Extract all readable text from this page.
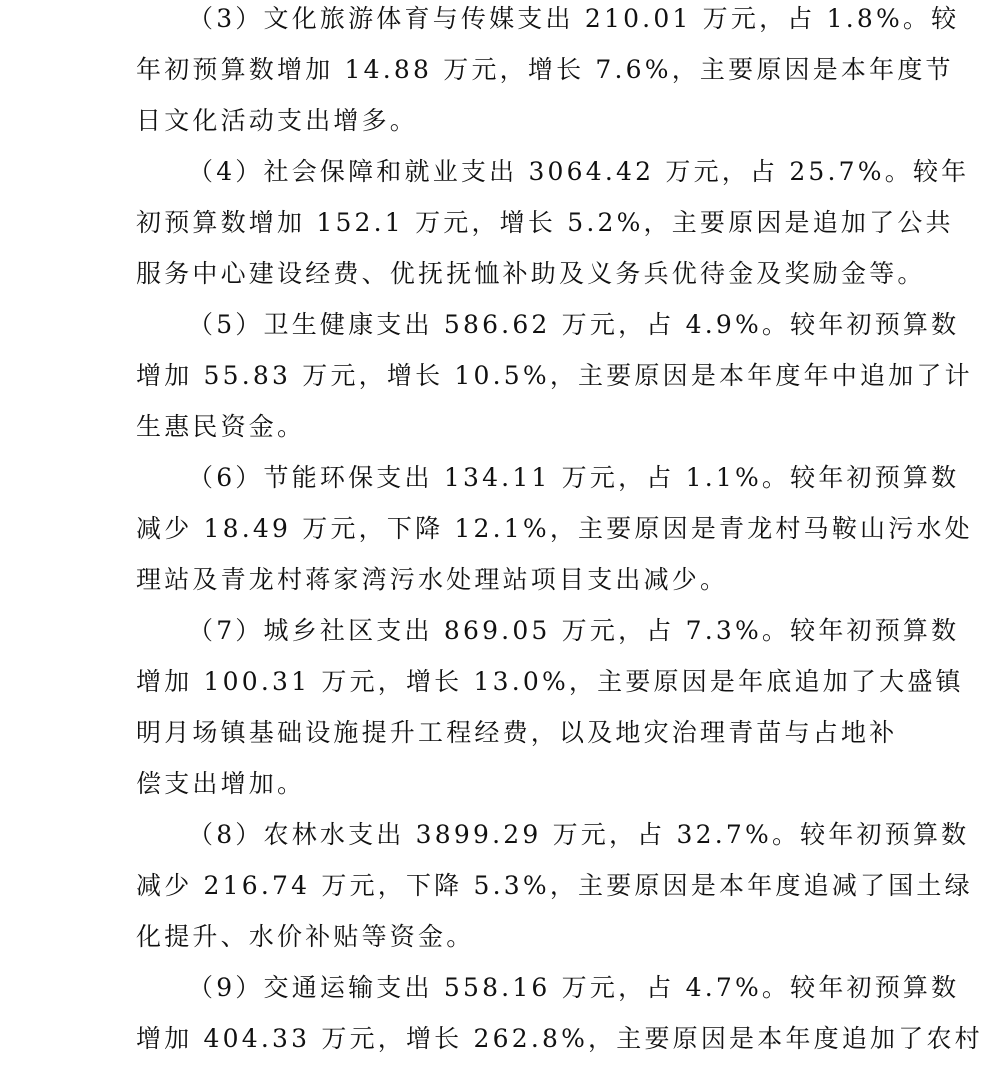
（3）文化旅游体育与传媒支出 210.01 万元，占 1.8%。较
年初预算数增加 14.88 万元，增长 7.6%，主要原因是本年度节
日文化活动支出增多。
（4）社会保障和就业支出 3064.42 万元，占 25.7%。较年
初预算数增加 152.1 万元，增长 5.2%，主要原因是追加了公共
服务中心建设经费、优抚抚恤补助及义务兵优待金及奖励金等。
（5）卫生健康支出 586.62 万元，占 4.9%。较年初预算数
增加 55.83 万元，增长 10.5%，主要原因是本年度年中追加了计
生惠民资金。
（6）节能环保支出 134.11 万元，占 1.1%。较年初预算数
减少 18.49 万元，下降 12.1%，主要原因是青龙村马鞍山污水处
理站及青龙村蒋家湾污水处理站项目支出减少。
（7）城乡社区支出 869.05 万元，占 7.3%。较年初预算数
增加 100.31 万元，增长 13.0%，主要原因是年底追加了大盛镇
明月场镇基础设施提升工程经费，以及地灾治理青苗与占地补
偿支出增加。
（8）农林水支出 3899.29 万元，占 32.7%。较年初预算数
减少 216.74 万元，下降 5.3%，主要原因是本年度追减了国土绿
化提升、水价补贴等资金。
（9）交通运输支出 558.16 万元，占 4.7%。较年初预算数
增加 404.33 万元，增长 262.8%，主要原因是本年度追加了农村
